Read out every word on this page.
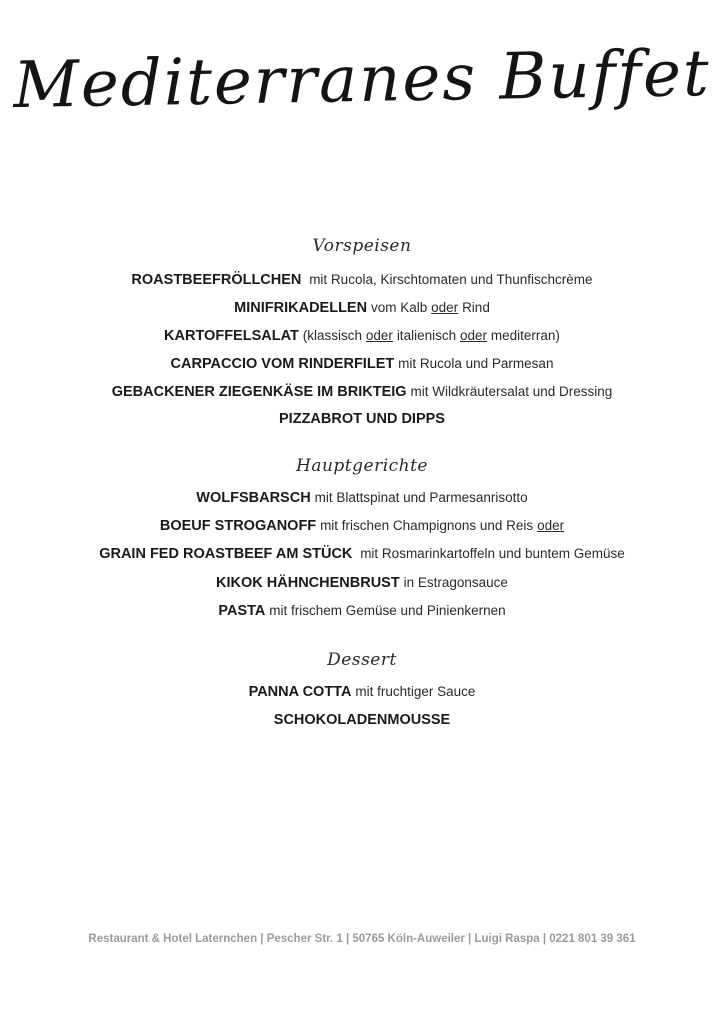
Mediterranes Buffet
Vorspeisen
ROASTBEEFRÖLLCHEN mit Rucola, Kirschtomaten und Thunfischcrème
MINIFRIKADELLEN vom Kalb oder Rind
KARTOFFELSALAT (klassisch oder italienisch oder mediterran)
CARPACCIO VOM RINDERFILET mit Rucola und Parmesan
GEBACKENER ZIEGENKÄSE IM BRIKTEIG mit Wildkräutersalat und Dressing
PIZZABROT UND DIPPS
Hauptgerichte
WOLFSBARSCH mit Blattspinat und Parmesanrisotto
BOEUF STROGANOFF mit frischen Champignons und Reis oder
GRAIN FED ROASTBEEF AM STÜCK mit Rosmarinkartoffeln und buntem Gemüse
KIKOK HÄHNCHENBRUST in Estragonsauce
PASTA mit frischem Gemüse und Pinienkernen
Dessert
PANNA COTTA mit fruchtiger Sauce
SCHOKOLADENMOUSSE
Restaurant & Hotel Laternchen | Pescher Str. 1 | 50765 Köln-Auweiler | Luigi Raspa | 0221 801 39 361
